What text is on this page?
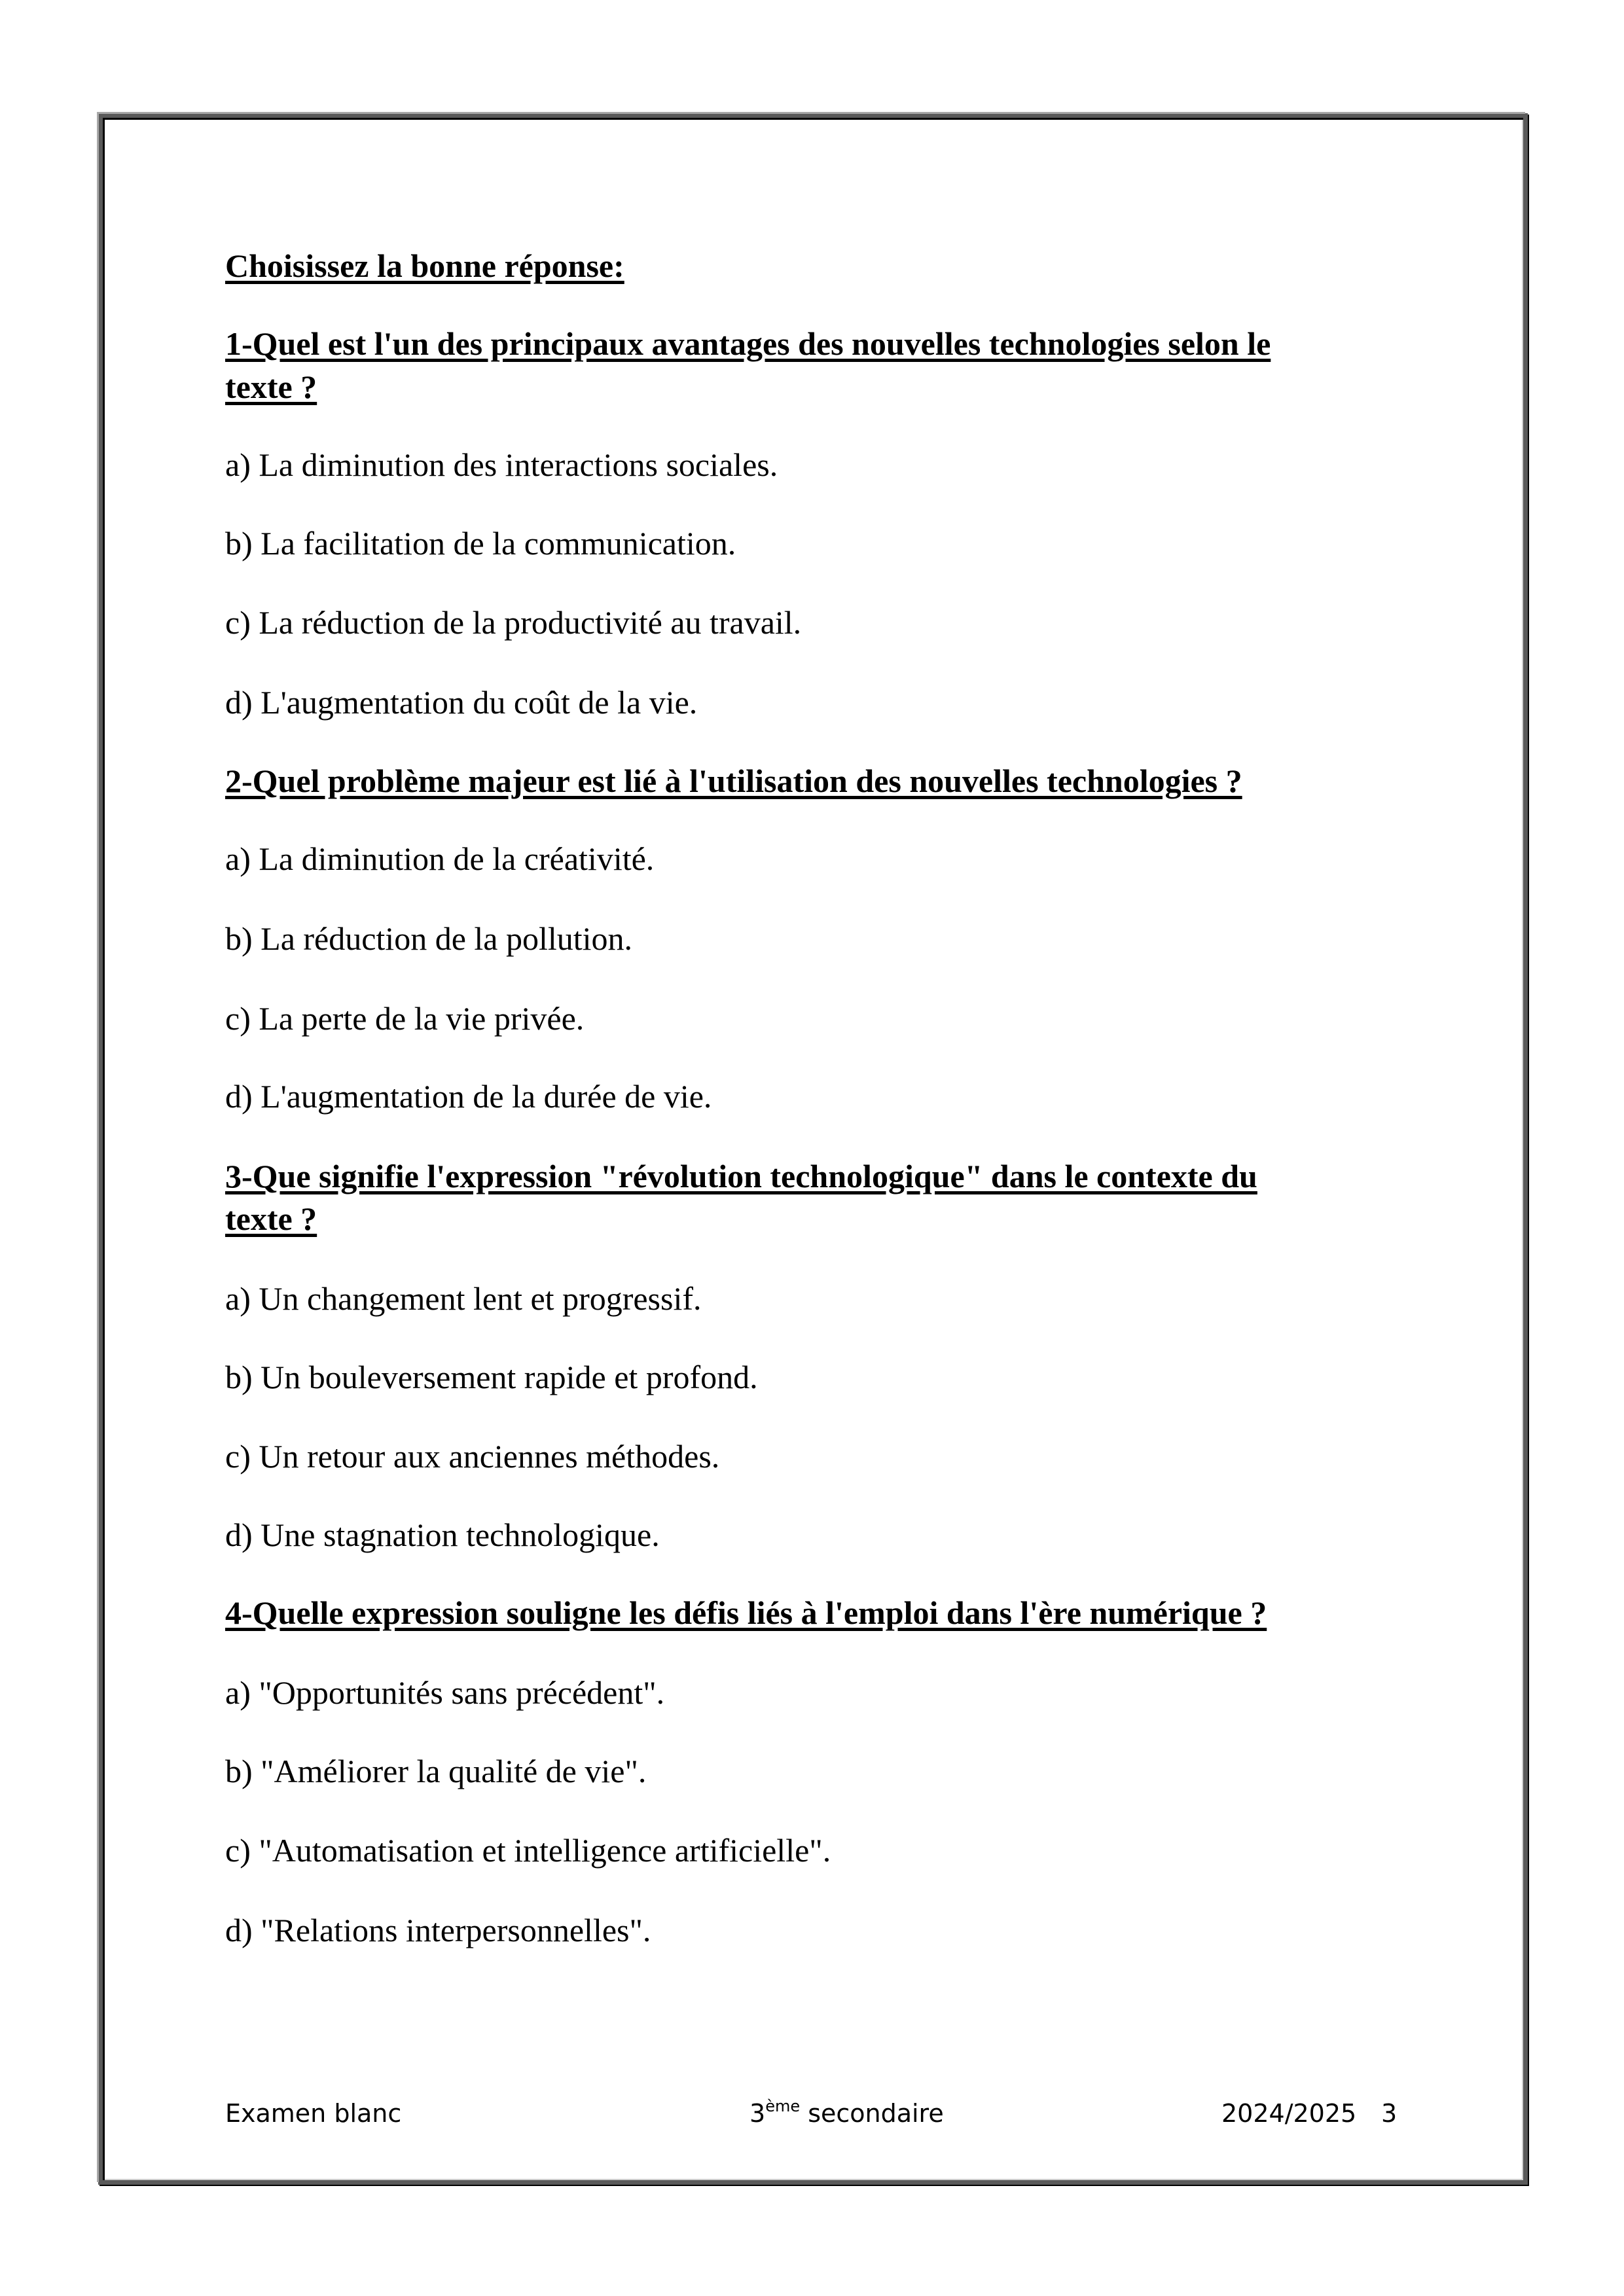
Choisissez la bonne réponse:
1-Quel est l'un des principaux avantages des nouvelles technologies selon le
texte ?
a) La diminution des interactions sociales.
b) La facilitation de la communication.
c) La réduction de la productivité au travail.
d) L'augmentation du coût de la vie.
2-Quel problème majeur est lié à l'utilisation des nouvelles technologies ?
a) La diminution de la créativité.
b) La réduction de la pollution.
c) La perte de la vie privée.
d) L'augmentation de la durée de vie.
3-Que signifie l'expression "révolution technologique" dans le contexte du
texte ?
a) Un changement lent et progressif.
b) Un bouleversement rapide et profond.
c) Un retour aux anciennes méthodes.
d) Une stagnation technologique.
4-Quelle expression souligne les défis liés à l'emploi dans l'ère numérique ?
a) "Opportunités sans précédent".
b) "Améliorer la qualité de vie".
c) "Automatisation et intelligence artificielle".
d) "Relations interpersonnelles".
Examen blanc	3ème secondaire	2024/2025 3
